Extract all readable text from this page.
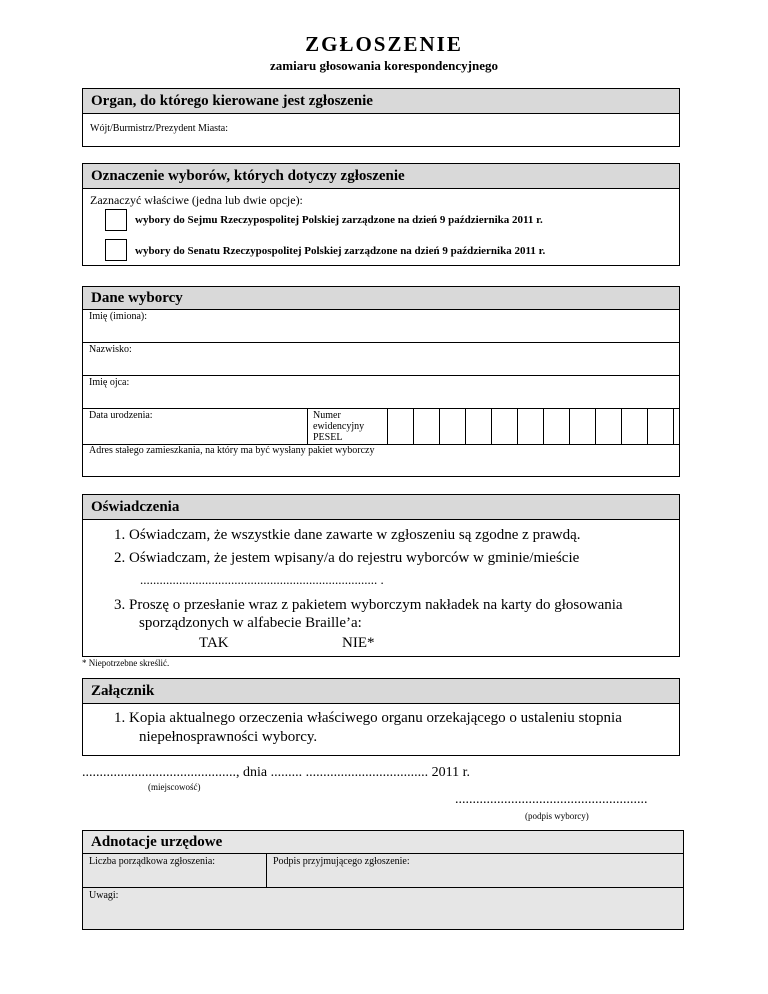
ZGŁOSZENIE
zamiaru głosowania korespondencyjnego
Organ, do którego kierowane jest zgłoszenie
Wójt/Burmistrz/Prezydent Miasta:
Oznaczenie wyborów, których dotyczy zgłoszenie
Zaznaczyć właściwe (jedna lub dwie opcje):
wybory do Sejmu Rzeczypospolitej Polskiej zarządzone na dzień 9 października 2011 r.
wybory do Senatu Rzeczypospolitej Polskiej zarządzone na dzień 9 października 2011 r.
Dane wyborcy
Imię (imiona):
Nazwisko:
Imię ojca:
Data urodzenia:	Numer
ewidencyjny
PESEL
Adres stałego zamieszkania, na który ma być wysłany pakiet wyborczy
Oświadczenia
1. Oświadczam, że wszystkie dane zawarte w zgłoszeniu są zgodne z prawdą.
2. Oświadczam, że jestem wpisany/a do rejestru wyborców w gminie/mieście
......................................................................... .
3. Proszę o przesłanie wraz z pakietem wyborczym nakładek na karty do głosowania
sporządzonych w alfabecie Braille’a:
TAK	NIE*
* Niepotrzebne skreślić.
Załącznik
1. Kopia aktualnego orzeczenia właściwego organu orzekającego o ustaleniu stopnia
niepełnosprawności wyborcy.
............................................, dnia ......... ................................... 2011 r.
(miejscowość)
.......................................................
(podpis wyborcy)
Adnotacje urzędowe
Liczba porządkowa zgłoszenia:	Podpis przyjmującego zgłoszenie:
Uwagi:
